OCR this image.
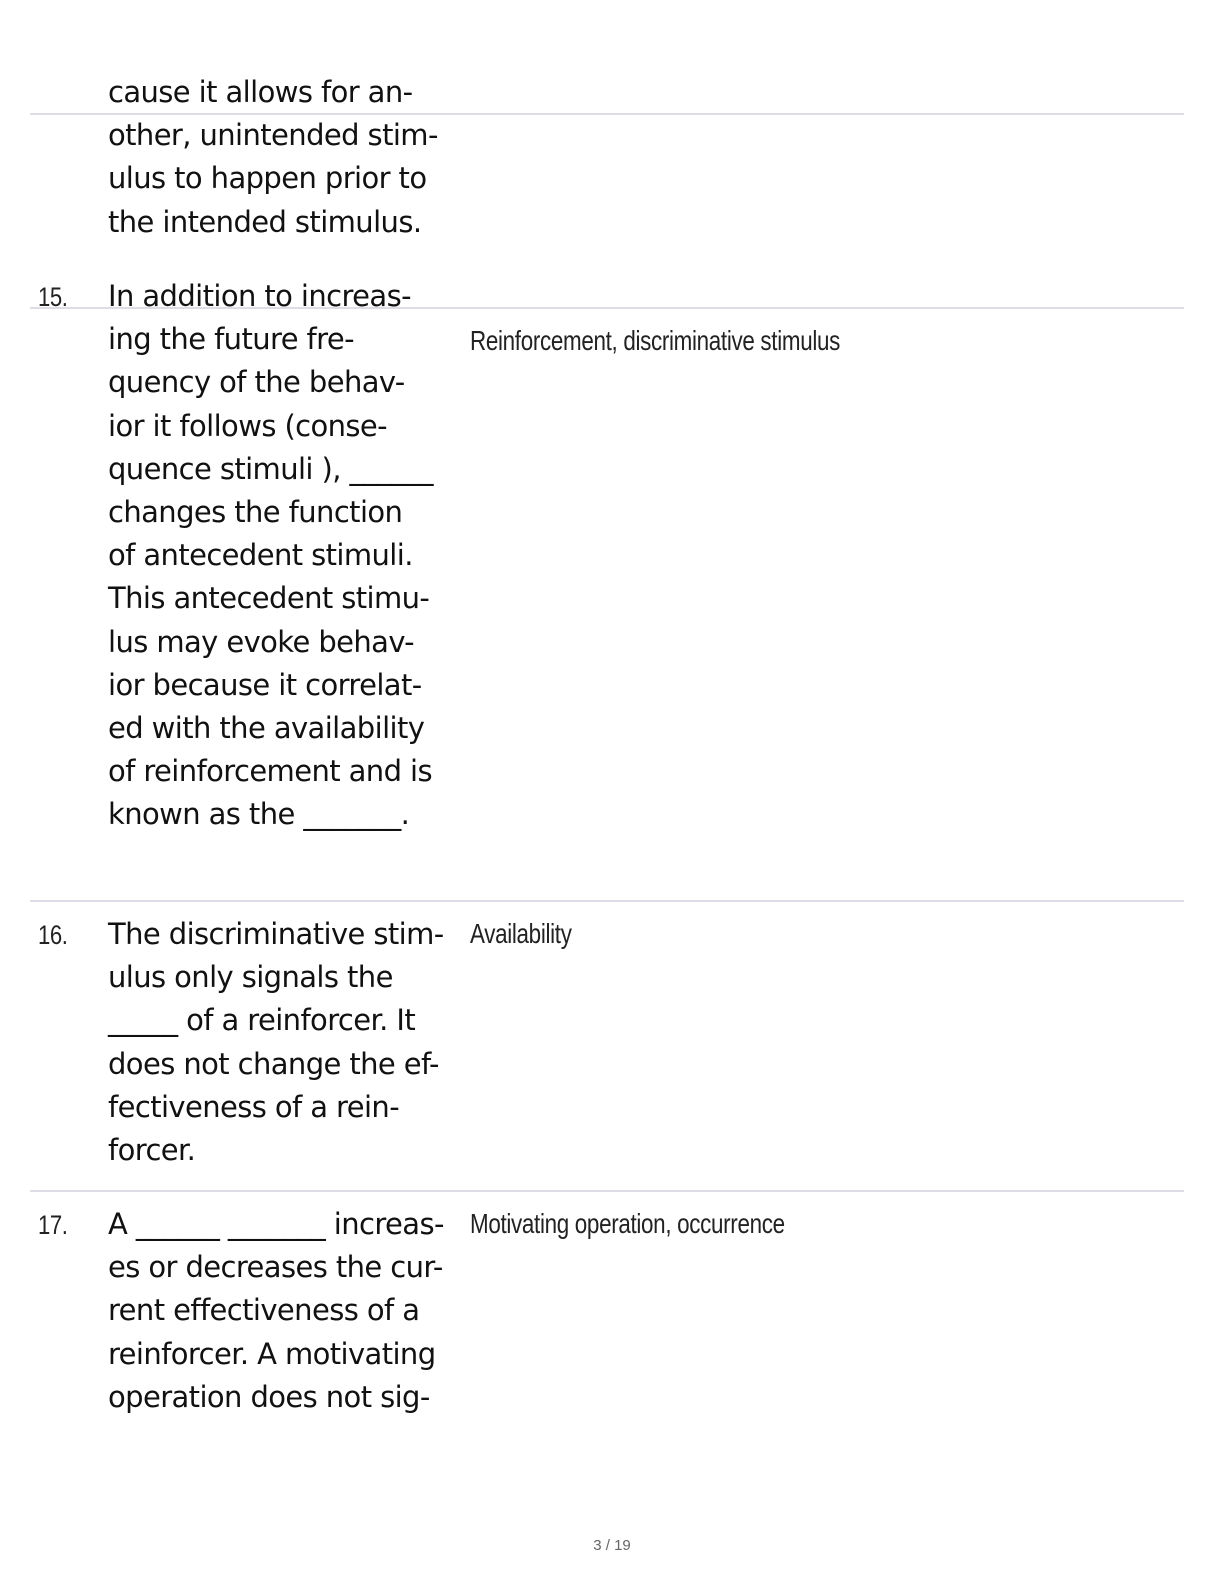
cause it allows for an-
other, unintended stim-
ulus to happen prior to
the intended stimulus.

15. In addition to increas-
ing the future fre-
quency of the behav-
ior it follows (conse-
quence stimuli ), ______
changes the function
of antecedent stimuli.
This antecedent stimu-
lus may evoke behav-
ior because it correlat-
ed with the availability
of reinforcement and is
known as the _______.

Reinforcement, discriminative stimulus
16. The discriminative stim-
ulus only signals the
_____ of a reinforcer. It
does not change the ef-
fectiveness of a rein-
forcer.

Availability
17. A ______ _______ increas-
es or decreases the cur-
rent effectiveness of a
reinforcer. A motivating
operation does not sig-

Motivating operation, occurrence
3 / 19
